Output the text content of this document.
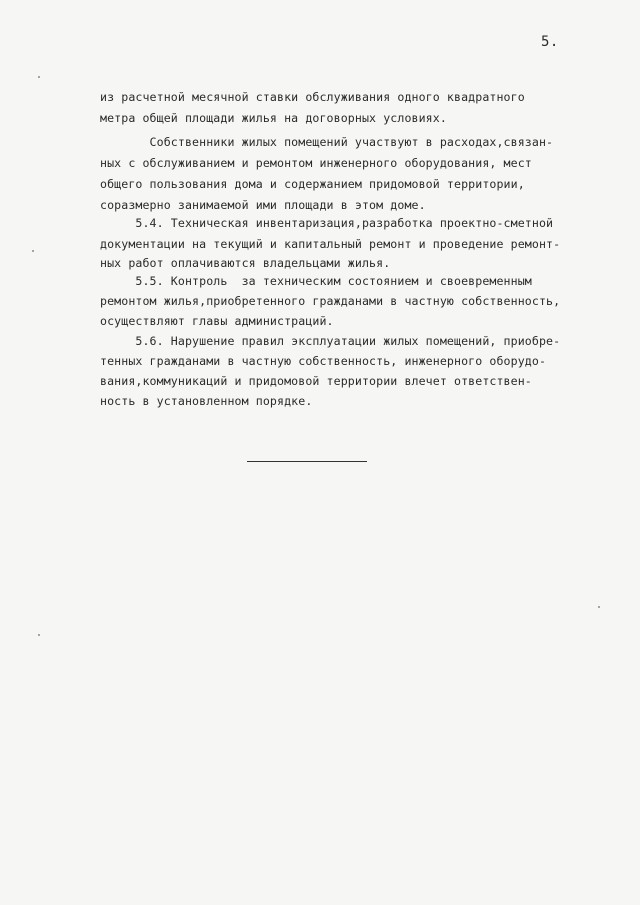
5.
из расчетной месячной ставки обслуживания одного квадратного
метра общей площади жилья на договорных условиях.
Собственники жилых помещений участвуют в расходах,связан-
ных с обслуживанием и ремонтом инженерного оборудования, мест
общего пользования дома и содержанием придомовой территории,
соразмерно занимаемой ими площади в этом доме.
5.4. Техническая инвентаризация,разработка проектно-сметной
документации на текущий и капитальный ремонт и проведение ремонт-
ных работ оплачиваются владельцами жилья.
5.5. Контроль  за техническим состоянием и своевременным
ремонтом жилья,приобретенного гражданами в частную собственность,
осуществляют главы администраций.
5.6. Нарушение правил эксплуатации жилых помещений, приобре-
тенных гражданами в частную собственность, инженерного оборудо-
вания,коммуникаций и придомовой территории влечет ответствен-
ность в установленном порядке.
